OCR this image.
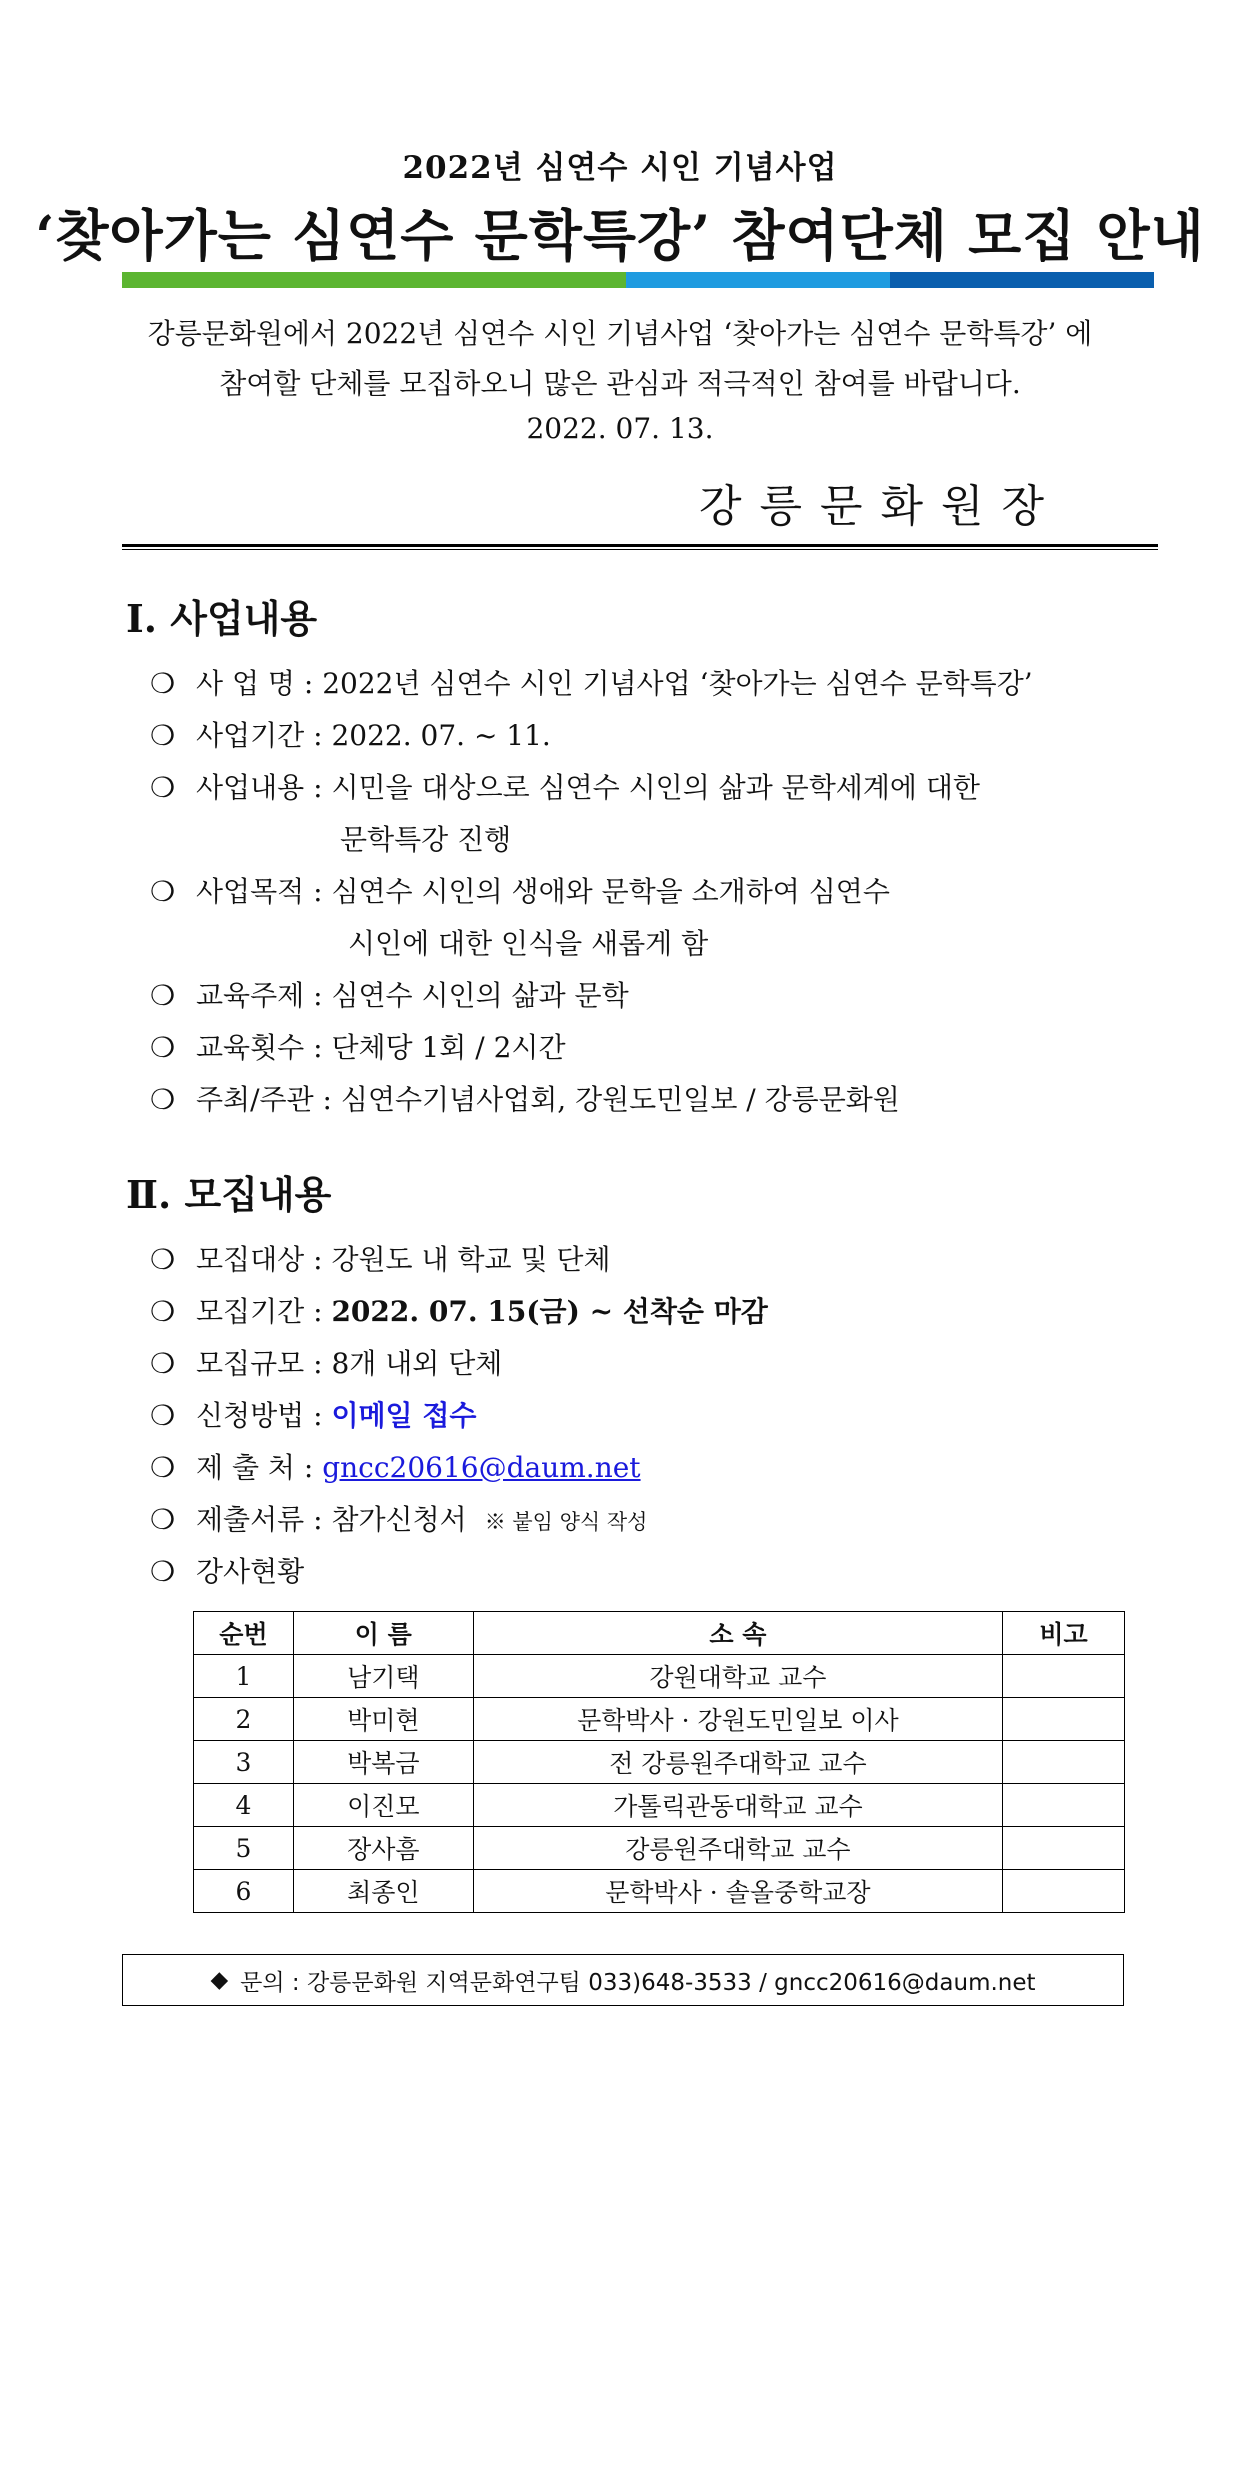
2022년 심연수 시인 기념사업
‘찾아가는 심연수 문학특강’ 참여단체 모집 안내
강릉문화원에서 2022년 심연수 시인 기념사업 ‘찾아가는 심연수 문학특강’ 에
참여할 단체를 모집하오니 많은 관심과 적극적인 참여를 바랍니다.
2022. 07. 13.
강릉문화원장
Ⅰ. 사업내용
❍ 사 업 명 : 2022년 심연수 시인 기념사업 ‘찾아가는 심연수 문학특강’
❍ 사업기간 : 2022. 07. ~ 11.
❍ 사업내용 : 시민을 대상으로 심연수 시인의 삶과 문학세계에 대한
문학특강 진행
❍ 사업목적 : 심연수 시인의 생애와 문학을 소개하여 심연수
시인에 대한 인식을 새롭게 함
❍ 교육주제 : 심연수 시인의 삶과 문학
❍ 교육횟수 : 단체당 1회 / 2시간
❍ 주최/주관 : 심연수기념사업회, 강원도민일보 / 강릉문화원
Ⅱ. 모집내용
❍ 모집대상 : 강원도 내 학교 및 단체
❍ 모집기간 : 2022. 07. 15(금) ~ 선착순 마감
❍ 모집규모 : 8개 내외 단체
❍ 신청방법 : 이메일 접수
❍ 제 출 처 : gncc20616@daum.net
❍ 제출서류 : 참가신청서 ※ 붙임 양식 작성
❍ 강사현황
순번	이 름	소 속	비고
1	남기택	강원대학교 교수	
2	박미현	문학박사 · 강원도민일보 이사	
3	박복금	전 강릉원주대학교 교수	
4	이진모	가톨릭관동대학교 교수	
5	장사흠	강릉원주대학교 교수	
6	최종인	문학박사 · 솔올중학교장	
◆ 문의 : 강릉문화원 지역문화연구팀 033)648-3533 / gncc20616@daum.net
